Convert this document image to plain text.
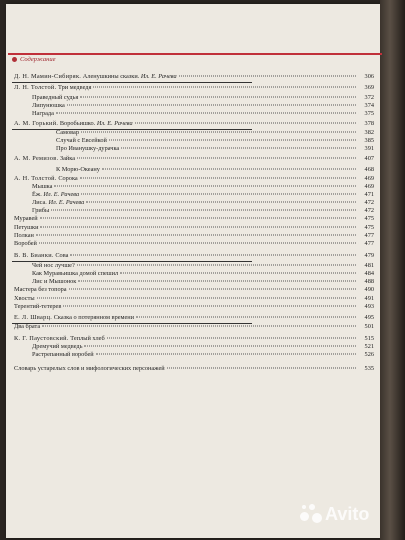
Содержание
Д. Н. Мамин-Сибиряк. Аленушкины сказки. Ил. Е. Рачева	306
Л. Н. Толстой. Три медведя	369
Праведный судья	372
Липунюшка	374
Награда	375
А. М. Горький. Воробьишко. Ил. Е. Рачева	378
Самовар	382
Случай с Евсейкой	385
Про Иванушку-дурачка	391
А. М. Ремизов. Зайка	407
К Морю-Океану	468
А. Н. Толстой. Сорока	469
Мышка	469
Ёж. Ил. Е. Рачева	471
Лиса. Ил. Е. Рачева	472
Грибы	472
Муравей	475
Петушки	475
Полкан	477
Воробей	477
В. В. Бианки. Сова	479
Чей нос лучше?	481
Как Муравьишка домой спешил	484
Лис и Мышонок	488
Мастера без топора	490
Хвосты	491
Терентий-тетерев	493
Е. Л. Шварц. Сказка о потерянном времени	495
Два брата	501
К. Г. Паустовский. Теплый хлеб	515
Дремучий медведь	521
Растрепанный воробей	526
Словарь устарелых слов и мифологических персонажей	535
Avito
